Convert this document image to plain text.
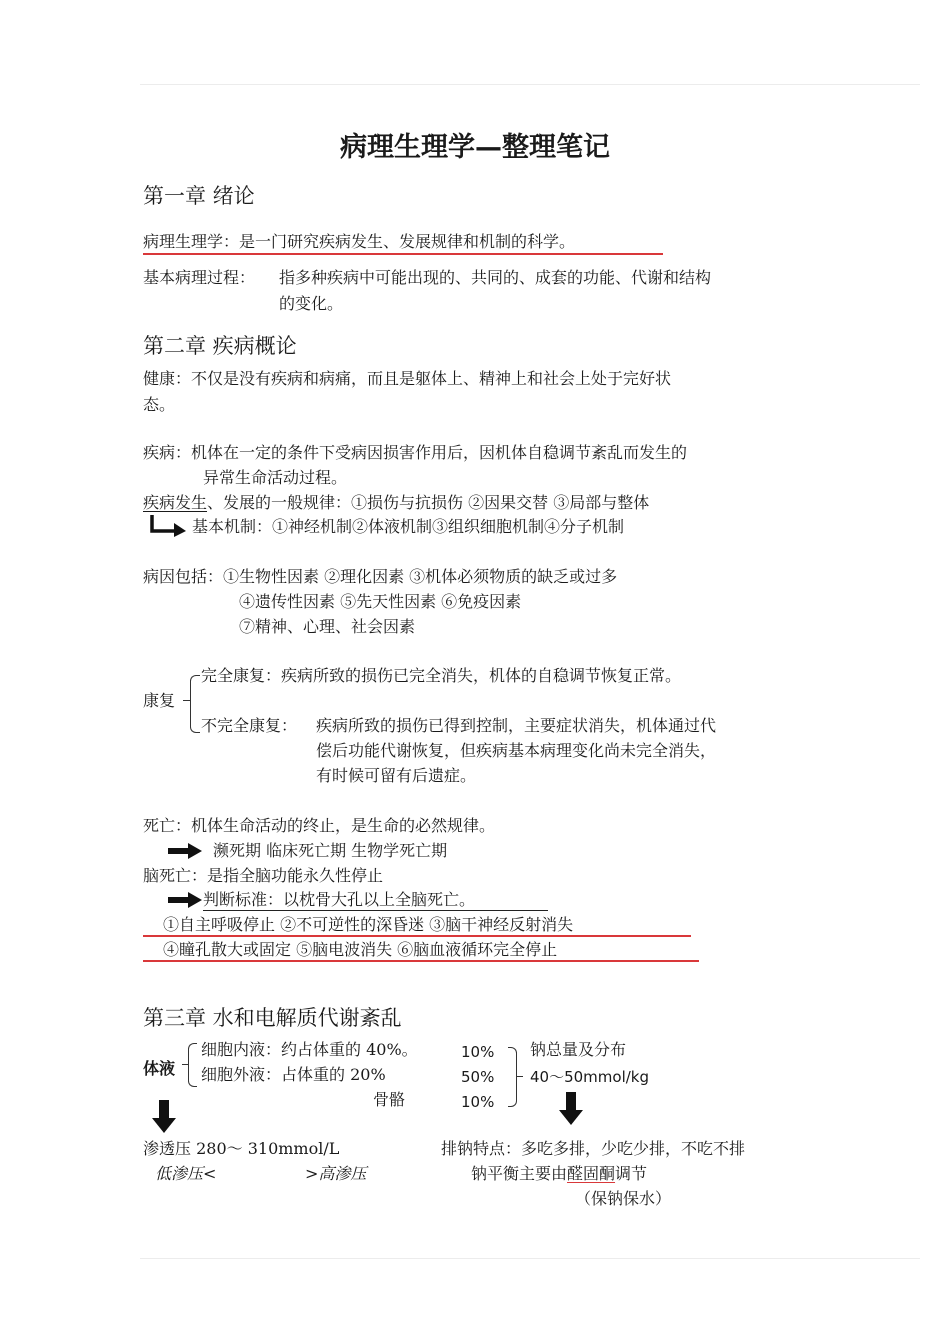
病理生理学—整理笔记
第一章 绪论
病理生理学：是一门研究疾病发生、发展规律和机制的科学。
基本病理过程： 指多种疾病中可能出现的、共同的、成套的功能、代谢和结构
的变化。
第二章 疾病概论
健康：不仅是没有疾病和病痛，而且是躯体上、精神上和社会上处于完好状
态。
疾病：机体在一定的条件下受病因损害作用后，因机体自稳调节紊乱而发生的
异常生命活动过程。
疾病发生、发展的一般规律：①损伤与抗损伤 ②因果交替 ③局部与整体
基本机制：①神经机制②体液机制③组织细胞机制④分子机制
病因包括：①生物性因素 ②理化因素 ③机体必须物质的缺乏或过多
④遗传性因素 ⑤先天性因素 ⑥免疫因素
⑦精神、心理、社会因素
康复
完全康复：疾病所致的损伤已完全消失，机体的自稳调节恢复正常。
不完全康复： 疾病所致的损伤已得到控制，主要症状消失，机体通过代
偿后功能代谢恢复，但疾病基本病理变化尚未完全消失，
有时候可留有后遗症。
死亡：机体生命活动的终止，是生命的必然规律。
濒死期 临床死亡期 生物学死亡期
脑死亡：是指全脑功能永久性停止
判断标准：以枕骨大孔以上全脑死亡。
①自主呼吸停止 ②不可逆性的深昏迷 ③脑干神经反射消失
④瞳孔散大或固定 ⑤脑电波消失 ⑥脑血液循环完全停止
第三章 水和电解质代谢紊乱
体液
细胞内液：约占体重的 40%。
细胞外液：占体重的 20%
骨骼
10%
50%
10%
钠总量及分布
40～50mmol/kg
渗透压 280～ 310mmol/L
低渗压<	>高渗压
排钠特点：多吃多排，少吃少排，不吃不排
钠平衡主要由醛固酮调节
（保钠保水）
